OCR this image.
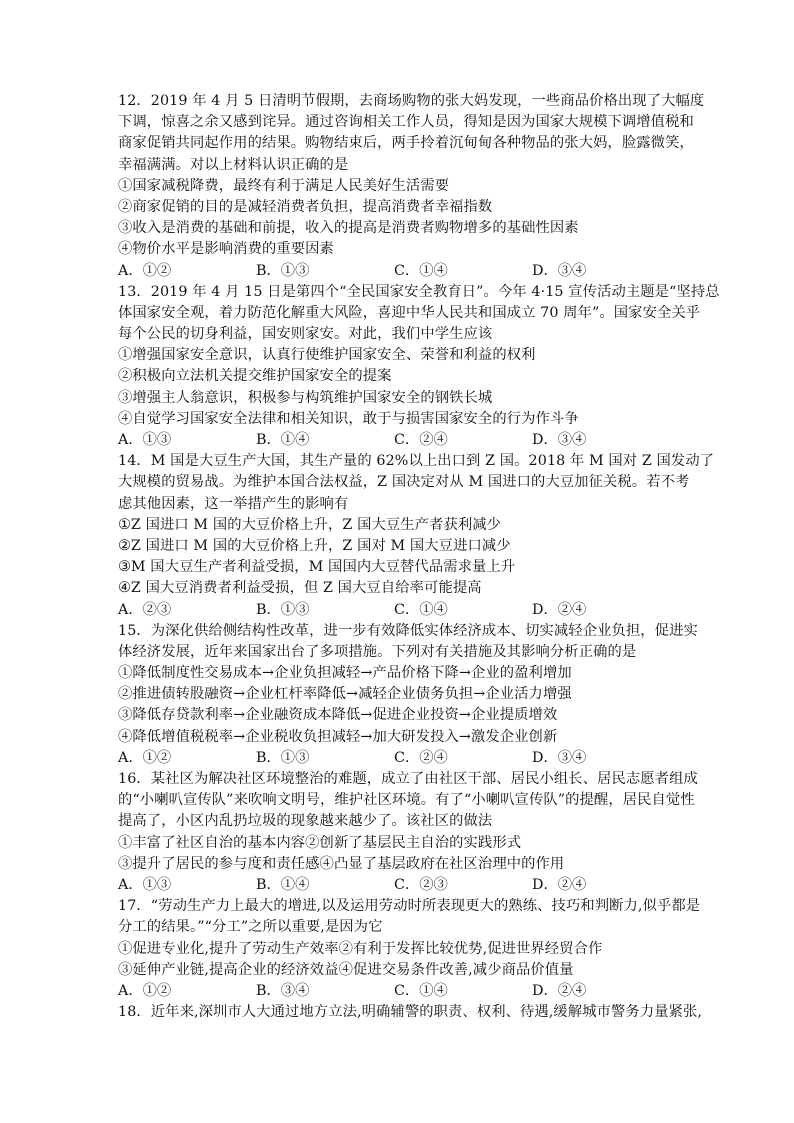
12．2019 年 4 月 5 日清明节假期，去商场购物的张大妈发现，一些商品价格出现了大幅度
下调，惊喜之余又感到诧异。通过咨询相关工作人员，得知是因为国家大规模下调增值税和
商家促销共同起作用的结果。购物结束后，两手拎着沉甸甸各种物品的张大妈，脸露微笑，
幸福满满。对以上材料认识正确的是
①国家减税降费，最终有利于满足人民美好生活需要
②商家促销的目的是减轻消费者负担，提高消费者幸福指数
③收入是消费的基础和前提，收入的提高是消费者购物增多的基础性因素
④物价水平是影响消费的重要因素
A．①②	B．①③	C．①④	D．③④
13．2019 年 4 月 15 日是第四个“全民国家安全教育日”。今年 4·15 宣传活动主题是“坚持总
体国家安全观，着力防范化解重大风险，喜迎中华人民共和国成立 70 周年”。国家安全关乎
每个公民的切身利益，国安则家安。对此，我们中学生应该
①增强国家安全意识，认真行使维护国家安全、荣誉和利益的权利
②积极向立法机关提交维护国家安全的提案
③增强主人翁意识，积极参与构筑维护国家安全的钢铁长城
④自觉学习国家安全法律和相关知识，敢于与损害国家安全的行为作斗争
A．①③	B．①④	C．②④	D．③④
14．M 国是大豆生产大国，其生产量的 62%以上出口到 Z 国。2018 年 M 国对 Z 国发动了
大规模的贸易战。为维护本国合法权益，Z 国决定对从 M 国进口的大豆加征关税。若不考
虑其他因素，这一举措产生的影响有
①Z 国进口 M 国的大豆价格上升，Z 国大豆生产者获利减少
②Z 国进口 M 国的大豆价格上升，Z 国对 M 国大豆进口减少
③M 国大豆生产者利益受损，M 国国内大豆替代品需求量上升
④Z 国大豆消费者利益受损，但 Z 国大豆自给率可能提高
A．②③	B．①③	C．①④	D．②④
15．为深化供给侧结构性改革，进一步有效降低实体经济成本、切实减轻企业负担，促进实
体经济发展，近年来国家出台了多项措施。下列对有关措施及其影响分析正确的是
①降低制度性交易成本→企业负担减轻→产品价格下降→企业的盈利增加
②推进债转股融资→企业杠杆率降低→减轻企业债务负担→企业活力增强
③降低存贷款利率→企业融资成本降低→促进企业投资→企业提质增效
④降低增值税税率→企业税收负担减轻→加大研发投入→激发企业创新
A．①②	B．①③	C．②④	D．③④
16．某社区为解决社区环境整治的难题，成立了由社区干部、居民小组长、居民志愿者组成
的“小喇叭宣传队”来吹响文明号，维护社区环境。有了“小喇叭宣传队”的提醒，居民自觉性
提高了，小区内乱扔垃圾的现象越来越少了。该社区的做法
①丰富了社区自治的基本内容②创新了基层民主自治的实践形式
③提升了居民的参与度和责任感④凸显了基层政府在社区治理中的作用
A．①③	B．①④	C．②③	D．②④
17．“劳动生产力上最大的增进,以及运用劳动时所表现更大的熟练、技巧和判断力,似乎都是
分工的结果。”“分工”之所以重要,是因为它
①促进专业化,提升了劳动生产效率②有利于发挥比较优势,促进世界经贸合作
③延伸产业链,提高企业的经济效益④促进交易条件改善,减少商品价值量
A．①②	B．③④	C．①④	D．②④
18．近年来,深圳市人大通过地方立法,明确辅警的职责、权利、待遇,缓解城市警务力量紧张,
